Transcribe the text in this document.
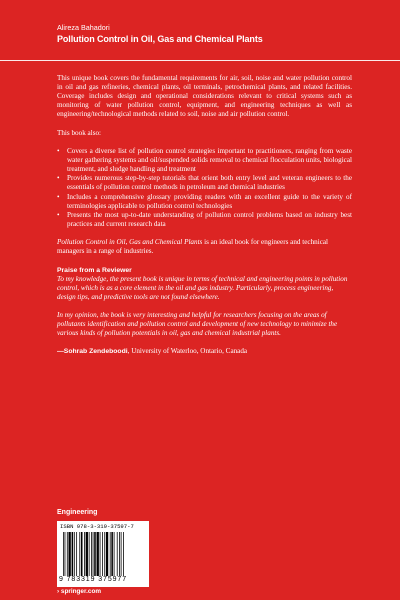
Alireza Bahadori
Pollution Control in Oil, Gas and Chemical Plants

This unique book covers the fundamental requirements for air, soil, noise and water pollution control in oil and gas refineries, chemical plants, oil terminals, petrochemical plants, and related facilities. Coverage includes design and operational considerations relevant to critical systems such as monitoring of water pollution control, equipment, and engineering techniques as well as engineering/technological methods related to soil, noise and air pollution control.

This book also:

• Covers a diverse list of pollution control strategies important to practitioners, ranging from waste water gathering systems and oil/suspended solids removal to chemical flocculation units, biological treatment, and sludge handling and treatment
• Provides numerous step-by-step tutorials that orient both entry level and veteran engineers to the essentials of pollution control methods in petroleum and chemical industries
• Includes a comprehensive glossary providing readers with an excellent guide to the variety of terminologies applicable to pollution control technologies
• Presents the most up-to-date understanding of pollution control problems based on industry best practices and current research data

Pollution Control in Oil, Gas and Chemical Plants is an ideal book for engineers and technical managers in a range of industries.

Praise from a Reviewer

To my knowledge, the present book is unique in terms of technical and engineering points in pollution control, which is as a core element in the oil and gas industry. Particularly, process engineering, design tips, and predictive tools are not found elsewhere.

In my opinion, the book is very interesting and helpful for researchers focusing on the areas of pollutants identification and pollution control and development of new technology to minimize the various kinds of pollution potentials in oil, gas and chemical industrial plants.

—Sohrab Zendeboodi, University of Waterloo, Ontario, Canada

Engineering
ISBN 978-3-319-37597-7
9 783319 375977
› springer.com
